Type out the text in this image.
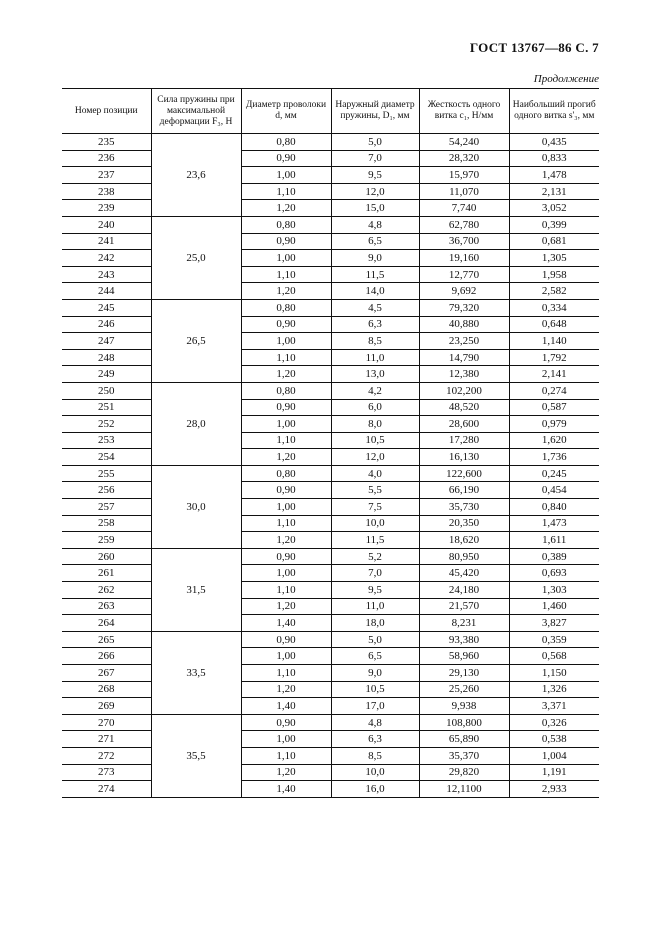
ГОСТ 13767—86 С. 7
Продолжение
Номер позиции	Сила пружины при максимальной деформации F₃, Н	Диаметр проволоки d, мм	Наружный диаметр пружины, D₁, мм	Жесткость одного витка c₁, Н/мм	Наибольший прогиб одного витка s'₃, мм
235	23,6	0,80	5,0	54,240	0,435
236		0,90	7,0	28,320	0,833
237		1,00	9,5	15,970	1,478
238		1,10	12,0	11,070	2,131
239		1,20	15,0	7,740	3,052
240	25,0	0,80	4,8	62,780	0,399
241		0,90	6,5	36,700	0,681
242		1,00	9,0	19,160	1,305
243		1,10	11,5	12,770	1,958
244		1,20	14,0	9,692	2,582
245	26,5	0,80	4,5	79,320	0,334
246		0,90	6,3	40,880	0,648
247		1,00	8,5	23,250	1,140
248		1,10	11,0	14,790	1,792
249		1,20	13,0	12,380	2,141
250	28,0	0,80	4,2	102,200	0,274
251		0,90	6,0	48,520	0,587
252		1,00	8,0	28,600	0,979
253		1,10	10,5	17,280	1,620
254		1,20	12,0	16,130	1,736
255	30,0	0,80	4,0	122,600	0,245
256		0,90	5,5	66,190	0,454
257		1,00	7,5	35,730	0,840
258		1,10	10,0	20,350	1,473
259		1,20	11,5	18,620	1,611
260	31,5	0,90	5,2	80,950	0,389
261		1,00	7,0	45,420	0,693
262		1,10	9,5	24,180	1,303
263		1,20	11,0	21,570	1,460
264		1,40	18,0	8,231	3,827
265	33,5	0,90	5,0	93,380	0,359
266		1,00	6,5	58,960	0,568
267		1,10	9,0	29,130	1,150
268		1,20	10,5	25,260	1,326
269		1,40	17,0	9,938	3,371
270	35,5	0,90	4,8	108,800	0,326
271		1,00	6,3	65,890	0,538
272		1,10	8,5	35,370	1,004
273		1,20	10,0	29,820	1,191
274		1,40	16,0	12,1100	2,933
